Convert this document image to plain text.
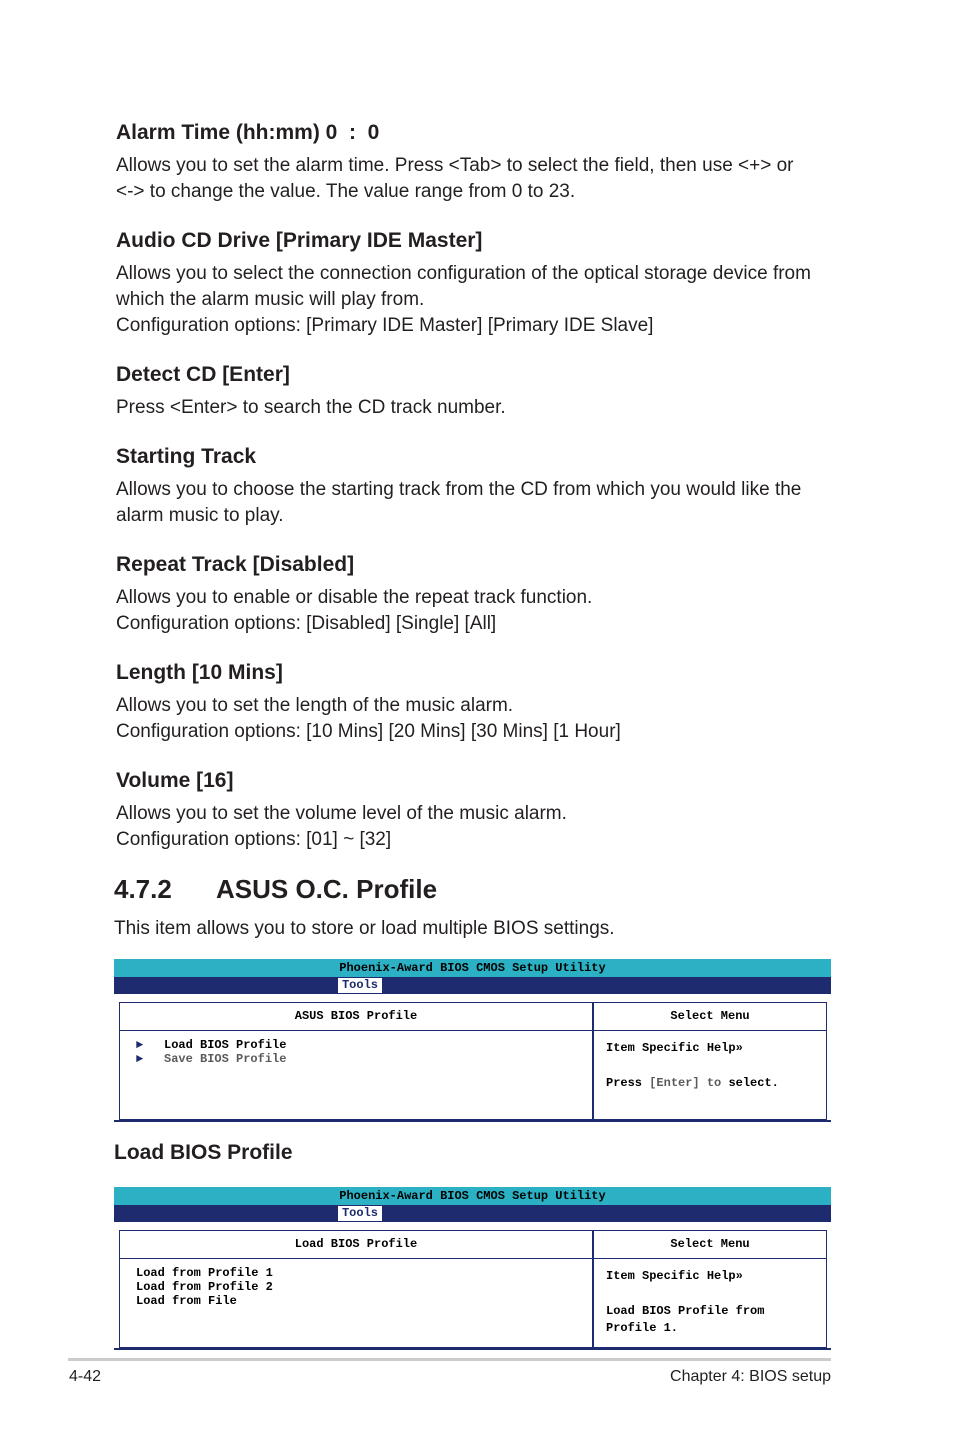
Alarm Time (hh:mm) 0  :  0
Allows you to set the alarm time. Press <Tab> to select the field, then use <+> or
<-> to change the value. The value range from 0 to 23.
Audio CD Drive [Primary IDE Master]
Allows you to select the connection configuration of the optical storage device from
which the alarm music will play from.
Configuration options: [Primary IDE Master] [Primary IDE Slave]
Detect CD [Enter]
Press <Enter> to search the CD track number.
Starting Track
Allows you to choose the starting track from the CD from which you would like the
alarm music to play.
Repeat Track [Disabled]
Allows you to enable or disable the repeat track function.
Configuration options: [Disabled] [Single] [All]
Length [10 Mins]
Allows you to set the length of the music alarm.
Configuration options: [10 Mins] [20 Mins] [30 Mins] [1 Hour]
Volume [16]
Allows you to set the volume level of the music alarm.
Configuration options: [01] ~ [32]
4.7.2 ASUS O.C. Profile
This item allows you to store or load multiple BIOS settings.
Phoenix-Award BIOS CMOS Setup Utility
Tools
ASUS BIOS Profile
► Load BIOS Profile
► Save BIOS Profile
Select Menu
Item Specific Help»
Press [Enter] to select.
Load BIOS Profile
Phoenix-Award BIOS CMOS Setup Utility
Tools
Load BIOS Profile
Load from Profile 1
Load from Profile 2
Load from File
Select Menu
Item Specific Help»
Load BIOS Profile from
Profile 1.
4-42	Chapter 4: BIOS setup
